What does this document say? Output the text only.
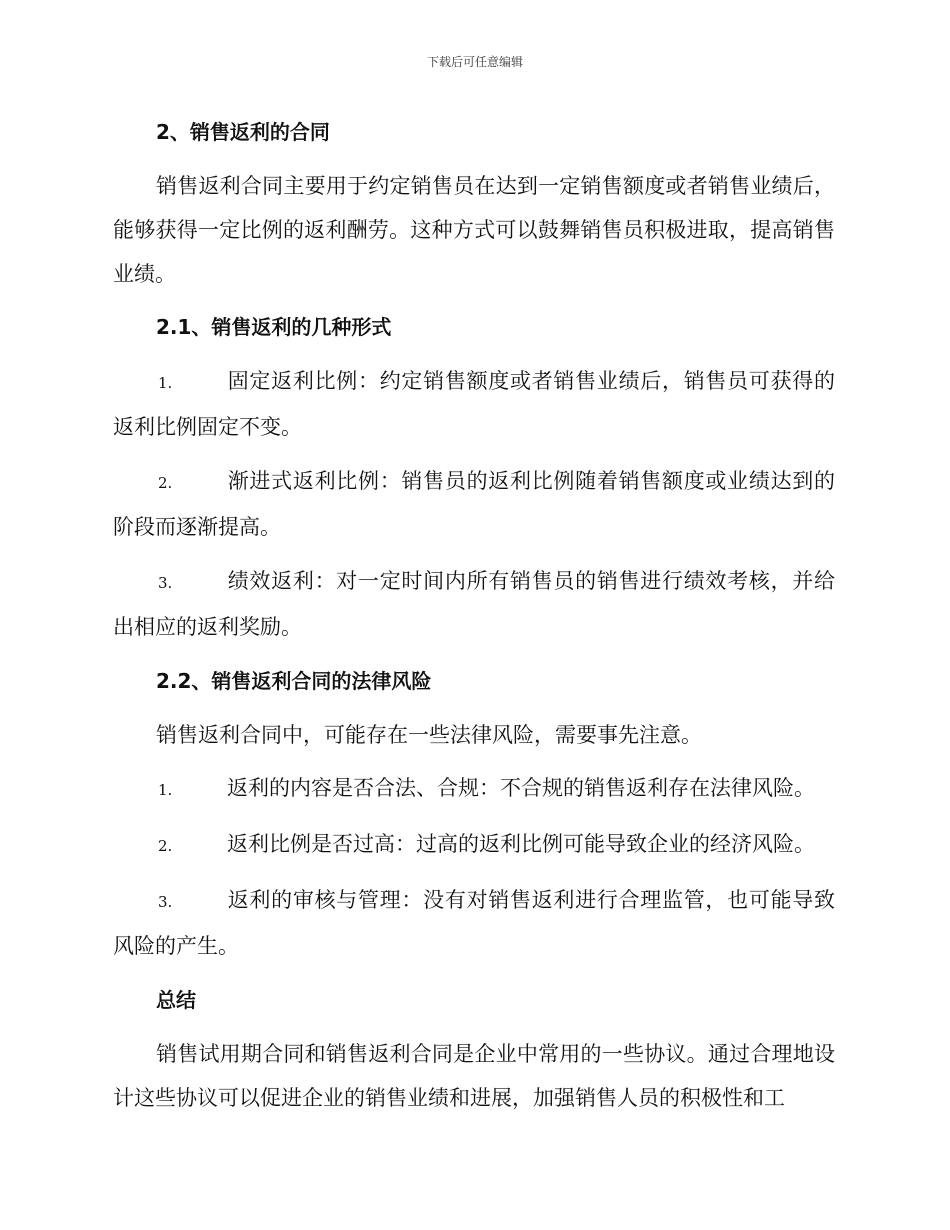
下载后可任意编辑
2、销售返利的合同
销售返利合同主要用于约定销售员在达到一定销售额度或者销售业绩后，能够获得一定比例的返利酬劳。这种方式可以鼓舞销售员积极进取，提高销售业绩。
2.1、销售返利的几种形式
1.	固定返利比例：约定销售额度或者销售业绩后，销售员可获得的返利比例固定不变。
2.	渐进式返利比例：销售员的返利比例随着销售额度或业绩达到的阶段而逐渐提高。
3.	绩效返利：对一定时间内所有销售员的销售进行绩效考核，并给出相应的返利奖励。
2.2、销售返利合同的法律风险
销售返利合同中，可能存在一些法律风险，需要事先注意。
1.	返利的内容是否合法、合规：不合规的销售返利存在法律风险。
2.	返利比例是否过高：过高的返利比例可能导致企业的经济风险。
3.	返利的审核与管理：没有对销售返利进行合理监管，也可能导致风险的产生。
总结
销售试用期合同和销售返利合同是企业中常用的一些协议。通过合理地设计这些协议可以促进企业的销售业绩和进展，加强销售人员的积极性和工
